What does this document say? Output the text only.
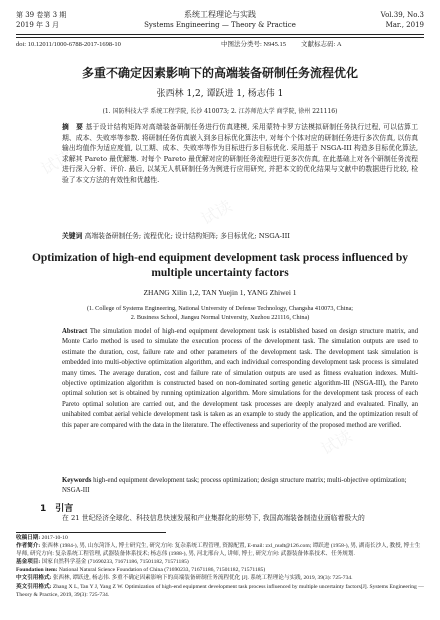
第 39 卷第 3 期
2019 年 3 月
系统工程理论与实践
Systems Engineering — Theory & Practice
Vol.39, No.3
Mar., 2019
doi: 10.12011/1000-6788-2017-1698-10	中图法分类号: N945.15 文献标志码: A
多重不确定因素影响下的高端装备研制任务流程优化
张西林 1,2, 谭跃进 1, 杨志伟 1
(1. 国防科技大学 系统工程学院, 长沙 410073; 2. 江苏师范大学 商学院, 徐州 221116)
摘　要 基于设计结构矩阵对高端装备研制任务进行仿真建模, 采用蒙特卡罗方法模拟研制任务执行过程, 可以估算工期、成本、失败率等参数. 将研制任务仿真嵌入到多目标优化算法中, 对每个个体对应的研制任务进行多次仿真, 以仿真输出均值作为适应度值, 以工期、成本、失败率等作为目标进行多目标优化. 采用基于 NSGA-III 构造多目标优化算法, 求解其 Pareto 最优解集. 对每个 Pareto 最优解对应的研制任务流程进行更多次仿真, 在此基础上对各个研制任务流程进行深入分析、评价. 最后, 以某无人机研制任务为例进行应用研究, 并把本文的优化结果与文献中的数据进行比较, 检验了本文方法的有效性和优越性.
关键词 高端装备研制任务; 流程优化; 设计结构矩阵; 多目标优化; NSGA-III
Optimization of high-end equipment development task process influenced by multiple uncertainty factors
ZHANG Xilin 1,2, TAN Yuejin 1, YANG Zhiwei 1
(1. College of Systems Engineering, National University of Defense Technology, Changsha 410073, China;
2. Business School, Jiangsu Normal University, Xuzhou 221116, China)
Abstract The simulation model of high-end equipment development task is established based on design structure matrix, and Monte Carlo method is used to simulate the execution process of the development task. The simulation outputs are used to estimate the duration, cost, failure rate and other parameters of the development task. The development task simulation is embedded into multi-objective optimization algorithm, and each individual corresponding development task process is simulated many times. The average duration, cost and failure rate of simulation outputs are used as fitness evaluation indexes. Multi-objective optimization algorithm is constructed based on non-dominated sorting genetic algorithm-III (NSGA-III), the Pareto optimal solution set is obtained by running optimization algorithm. More simulations for the development task process of each Pareto optimal solution are carried out, and the development task processes are deeply analyzed and evaluated. Finally, an unihabited combat aerial vehicle development task is taken as an example to study the application, and the optimization result of this paper are compared with the data in the literature. The effectiveness and superiority of the proposed method are verified.
Keywords high-end equipment development task; process optimization; design structure matrix; multi-objective optimization; NSGA-III
1　引言
在 21 世纪经济全球化、科技信息快速发展和产业集群化的形势下, 我国高端装备制造业面临着极大的
收稿日期: 2017-10-10
作者简介: 张西林 (1984-), 男, 山东菏泽人, 博士研究生, 研究方向: 复杂系统工程管理, 资源配置, E-mail: zxl_nudt@126.com; 谭跃进 (1958-), 男, 湖南长沙人, 教授, 博士生导师, 研究方向: 复杂系统工程管理, 武器装备体系技术; 杨志伟 (1988-), 男, 河北邢台人, 讲师, 博士, 研究方向: 武器装备体系技术、任务规划.
基金项目: 国家自然科学基金 (71690233, 71671186, 71501182, 71571185)
Foundation item: National Natural Science Foundation of China (71690233, 71671186, 71501182, 71571185)
中文引用格式: 张西林, 谭跃进, 杨志伟. 多重不确定因素影响下的高端装备研制任务流程优化 [J]. 系统工程理论与实践, 2019, 39(3): 725-734.
英文引用格式: Zhang X L, Tan Y J, Yang Z W. Optimization of high-end equipment development task process influenced by multiple uncertainty factors[J]. Systems Engineering — Theory & Practice, 2019, 39(3): 725-734.
试读
试读
试读
试读
试读
